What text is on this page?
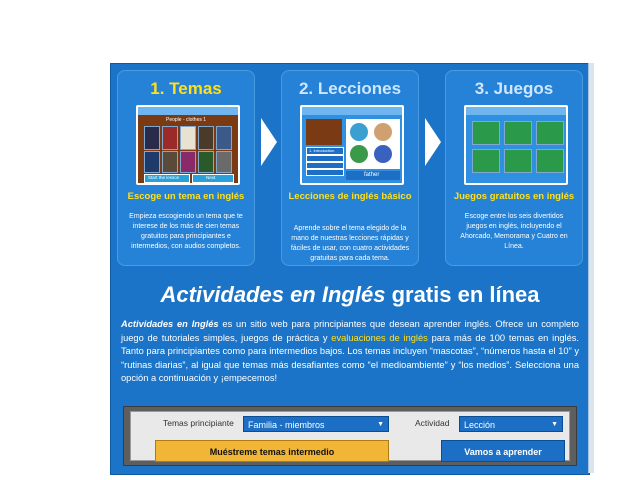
1. Temas
People - clothes 1
Start the lesson	Next
Escoge un tema en inglés
Empieza escogiendo un tema que te interese de los más de cien temas gratuitos para principiantes e intermedios, con audios completos.
2. Lecciones
1. Introduction
father
Lecciones de inglés básico
Aprende sobre el tema elegido de la mano de nuestras lecciones rápidas y fáciles de usar, con cuatro actividades gratuitas para cada tema.
3. Juegos
Juegos gratuitos en inglés
Escoge entre los seis divertidos juegos en inglés, incluyendo el Ahorcado, Memorama y Cuatro en Línea.
Actividades en Inglés gratis en línea
Actividades en Inglés es un sitio web para principiantes que desean aprender inglés. Ofrece un completo juego de tutoriales simples, juegos de práctica y evaluaciones de inglés para más de 100 temas en inglés. Tanto para principiantes como para intermedios bajos. Los temas incluyen “mascotas”, “números hasta el 10” y “rutinas diarias”, al igual que temas más desafiantes como “el medioambiente” y “los medios”. Selecciona una opción a continuación y ¡empecemos!
Temas principiante	Familia - miembros	▼	Actividad	Lección	▼
Muéstreme temas intermedio	Vamos a aprender
